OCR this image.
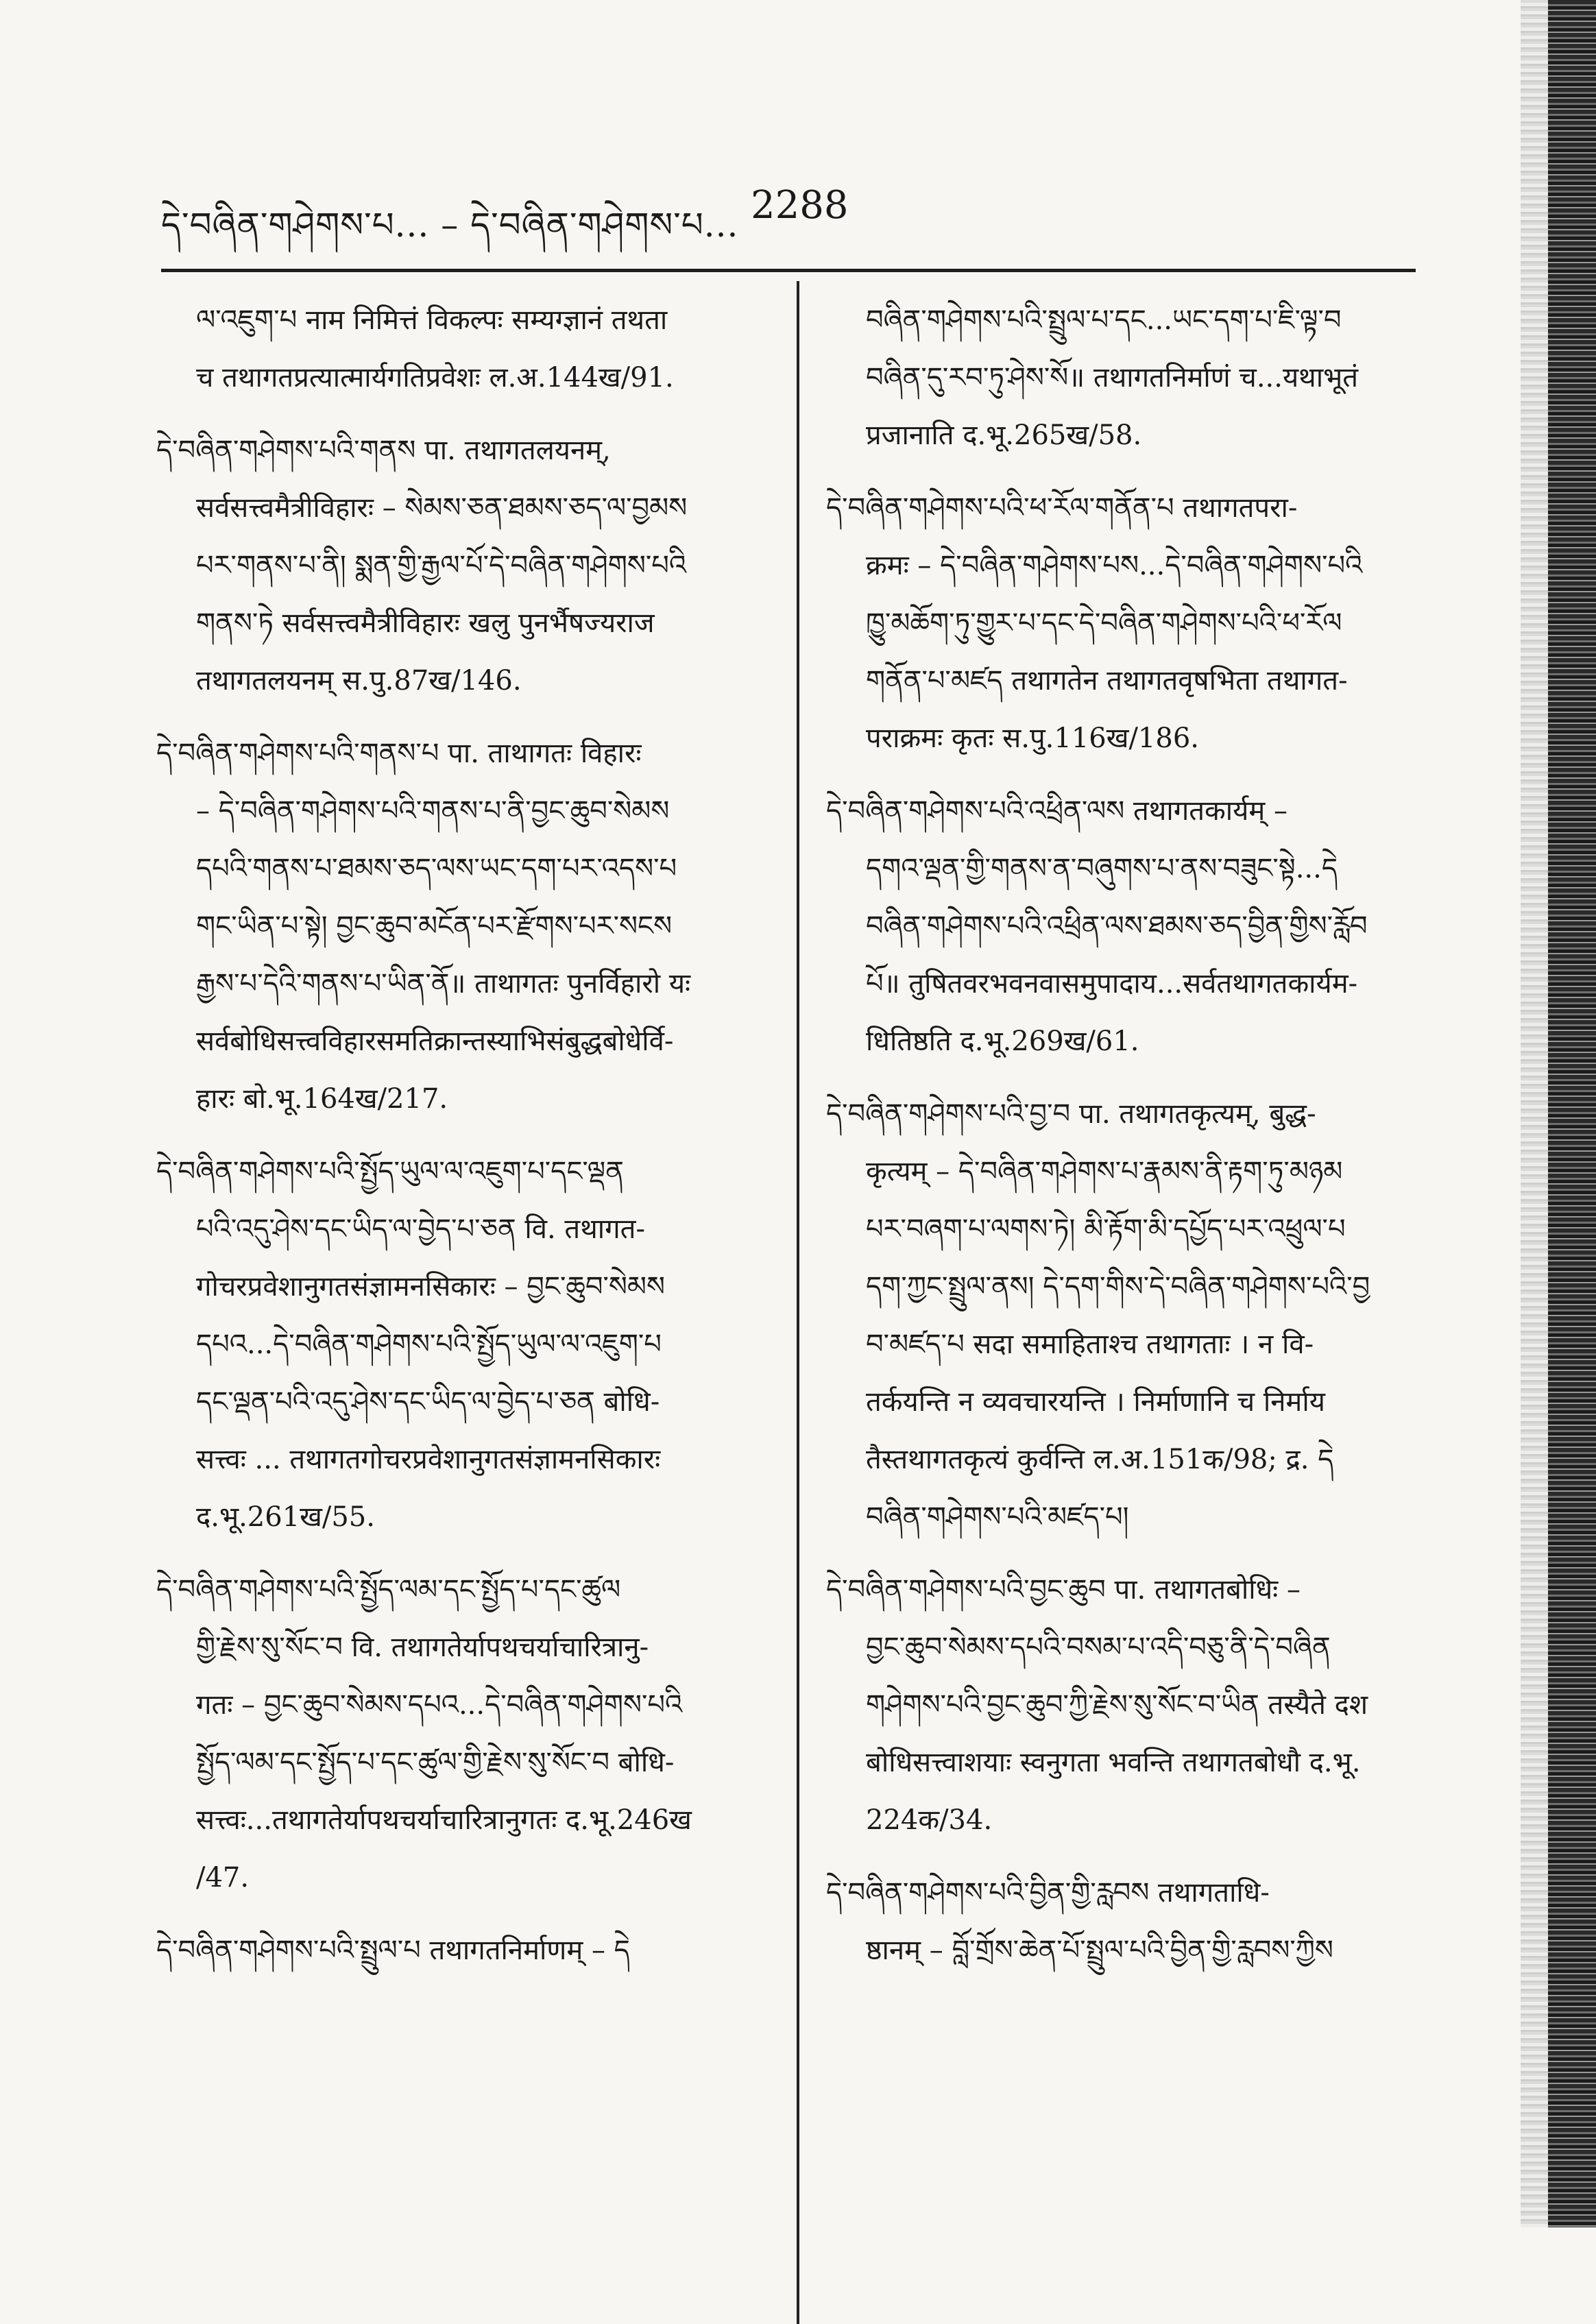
དེ་བཞིན་གཤེགས་པ... – དེ་བཞིན་གཤེགས་པ... 2288

ལ་འཇུག་པ नाम निमित्तं विकल्पः सम्यग्ज्ञानं तथता

च तथागतप्रत्यात्मार्यगतिप्रवेशः ल.अ.144ख/91.

དེ་བཞིན་གཤེགས་པའི་གནས पा. तथागतलयनम्,

सर्वसत्त्वमैत्रीविहारः – སེམས་ཅན་ཐམས་ཅད་ལ་བྱམས

པར་གནས་པ་ནི། སྨན་གྱི་རྒྱལ་པོ་དེ་བཞིན་གཤེགས་པའི

གནས་ཏེ सर्वसत्त्वमैत्रीविहारः खलु पुनर्भैषज्यराज

तथागतलयनम् स.पु.87ख/146.

དེ་བཞིན་གཤེགས་པའི་གནས་པ पा. ताथागतः विहारः

– དེ་བཞིན་གཤེགས་པའི་གནས་པ་ནི་བྱང་ཆུབ་སེམས

དཔའི་གནས་པ་ཐམས་ཅད་ལས་ཡང་དག་པར་འདས་པ

གང་ཡིན་པ་སྟེ། བྱང་ཆུབ་མངོན་པར་རྫོགས་པར་སངས

རྒྱས་པ་དེའི་གནས་པ་ཡིན་ནོ॥ ताथागतः पुनर्विहारो यः

सर्वबोधिसत्त्वविहारसमतिक्रान्तस्याभिसंबुद्धबोधेर्वि-

हारः बो.भू.164ख/217.

དེ་བཞིན་གཤེགས་པའི་སྤྱོད་ཡུལ་ལ་འཇུག་པ་དང་ལྡན

པའི་འདུ་ཤེས་དང་ཡིད་ལ་བྱེད་པ་ཅན वि. तथागत-

गोचरप्रवेशानुगतसंज्ञामनसिकारः – བྱང་ཆུབ་སེམས

དཔའ...དེ་བཞིན་གཤེགས་པའི་སྤྱོད་ཡུལ་ལ་འཇུག་པ

དང་ལྡན་པའི་འདུ་ཤེས་དང་ཡིད་ལ་བྱེད་པ་ཅན बोधि-

सत्त्वः ... तथागतगोचरप्रवेशानुगतसंज्ञामनसिकारः

द.भू.261ख/55.

དེ་བཞིན་གཤེགས་པའི་སྤྱོད་ལམ་དང་སྤྱོད་པ་དང་ཚུལ

གྱི་རྗེས་སུ་སོང་བ वि. तथागतेर्यापथचर्याचारित्रानु-

गतः – བྱང་ཆུབ་སེམས་དཔའ...དེ་བཞིན་གཤེགས་པའི

སྤྱོད་ལམ་དང་སྤྱོད་པ་དང་ཚུལ་གྱི་རྗེས་སུ་སོང་བ बोधि-

सत्त्वः...तथागतेर्यापथचर्याचारित्रानुगतः द.भू.246ख

/47.

དེ་བཞིན་གཤེགས་པའི་སྤྲུལ་པ तथागतनिर्माणम् – དེ

བཞིན་གཤེགས་པའི་སྤྲུལ་པ་དང...ཡང་དག་པ་ཇི་ལྟ་བ

བཞིན་དུ་རབ་ཏུ་ཤེས་སོ॥ तथागतनिर्माणं च...यथाभूतं

प्रजानाति द.भू.265ख/58.

དེ་བཞིན་གཤེགས་པའི་ཕ་རོལ་གནོན་པ तथागतपरा-

क्रमः – དེ་བཞིན་གཤེགས་པས...དེ་བཞིན་གཤེགས་པའི

ཁྱུ་མཆོག་ཏུ་གྱུར་པ་དང་དེ་བཞིན་གཤེགས་པའི་ཕ་རོལ

གནོན་པ་མཛད तथागतेन तथागतवृषभिता तथागत-

पराक्रमः कृतः स.पु.116ख/186.

དེ་བཞིན་གཤེགས་པའི་འཕྲིན་ལས तथागतकार्यम् –

དགའ་ལྡན་གྱི་གནས་ན་བཞུགས་པ་ནས་བཟུང་སྟེ...དེ

བཞིན་གཤེགས་པའི་འཕྲིན་ལས་ཐམས་ཅད་བྱིན་གྱིས་རློབ

པོ॥ तुषितवरभवनवासमुपादाय...सर्वतथागतकार्यम-

धितिष्ठति द.भू.269ख/61.

དེ་བཞིན་གཤེགས་པའི་བྱ་བ पा. तथागतकृत्यम्, बुद्ध-

कृत्यम् – དེ་བཞིན་གཤེགས་པ་རྣམས་ནི་རྟག་ཏུ་མཉམ

པར་བཞག་པ་ལགས་ཏེ། མི་རྟོག་མི་དཔྱོད་པར་འཕྲུལ་པ

དག་ཀྱང་སྤྲུལ་ནས། དེ་དག་གིས་དེ་བཞིན་གཤེགས་པའི་བྱ

བ་མཛད་པ सदा समाहिताश्च तथागताः । न वि-

तर्कयन्ति न व्यवचारयन्ति । निर्माणानि च निर्माय

तैस्तथागतकृत्यं कुर्वन्ति ल.अ.151क/98; द्र. དེ

བཞིན་གཤེགས་པའི་མཛད་པ།

དེ་བཞིན་གཤེགས་པའི་བྱང་ཆུབ पा. तथागतबोधिः –

བྱང་ཆུབ་སེམས་དཔའི་བསམ་པ་འདི་བཅུ་ནི་དེ་བཞིན

གཤེགས་པའི་བྱང་ཆུབ་ཀྱི་རྗེས་སུ་སོང་བ་ཡིན तस्यैते दश

बोधिसत्त्वाशयाः स्वनुगता भवन्ति तथागतबोधौ द.भू.

224क/34.

དེ་བཞིན་གཤེགས་པའི་བྱིན་གྱི་རླབས तथागताधि-

ष्ठानम् – བློ་གྲོས་ཆེན་པོ་སྤྲུལ་པའི་བྱིན་གྱི་རླབས་ཀྱིས
